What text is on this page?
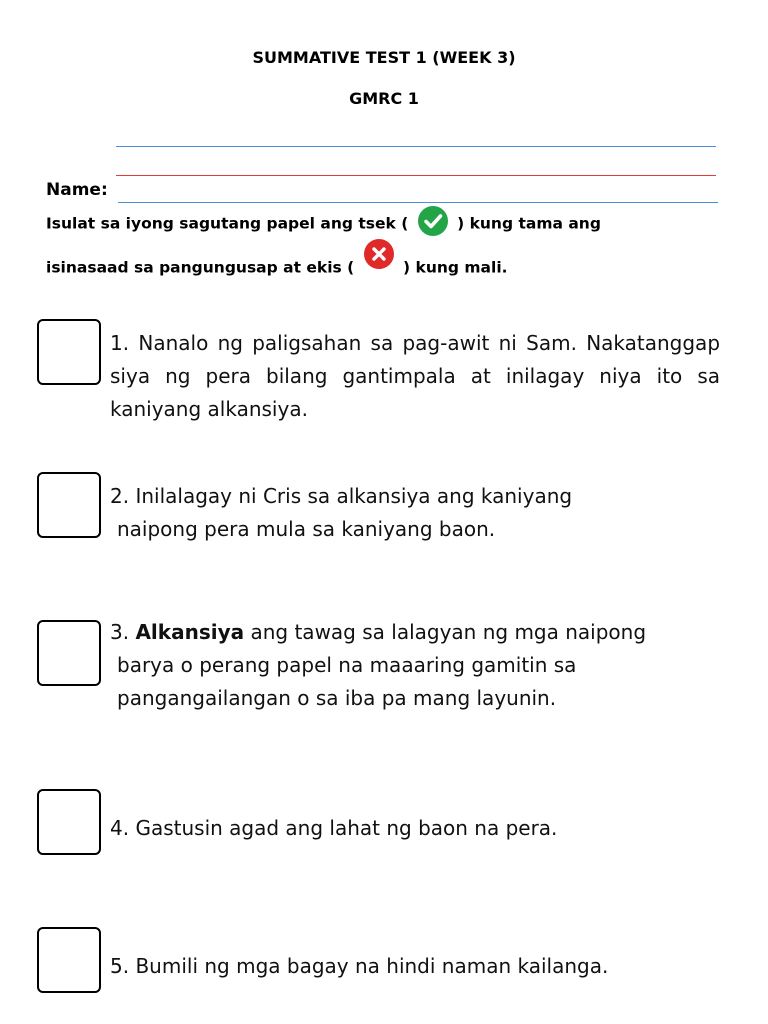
SUMMATIVE TEST 1 (WEEK 3)
GMRC 1
Name:
Isulat sa iyong sagutang papel ang tsek (	) kung tama ang
isinasaad sa pangungusap at ekis (	) kung mali.
1. Nanalo ng paligsahan sa pag-awit ni Sam. Nakatanggap siya ng pera bilang gantimpala at inilagay niya ito sa kaniyang alkansiya.
2. Inilalagay ni Cris sa alkansiya ang kaniyang
naipong pera mula sa kaniyang baon.
3. Alkansiya ang tawag sa lalagyan ng mga naipong
barya o perang papel na maaaring gamitin sa
pangangailangan o sa iba pa mang layunin.
4. Gastusin agad ang lahat ng baon na pera.
5. Bumili ng mga bagay na hindi naman kailanga.
